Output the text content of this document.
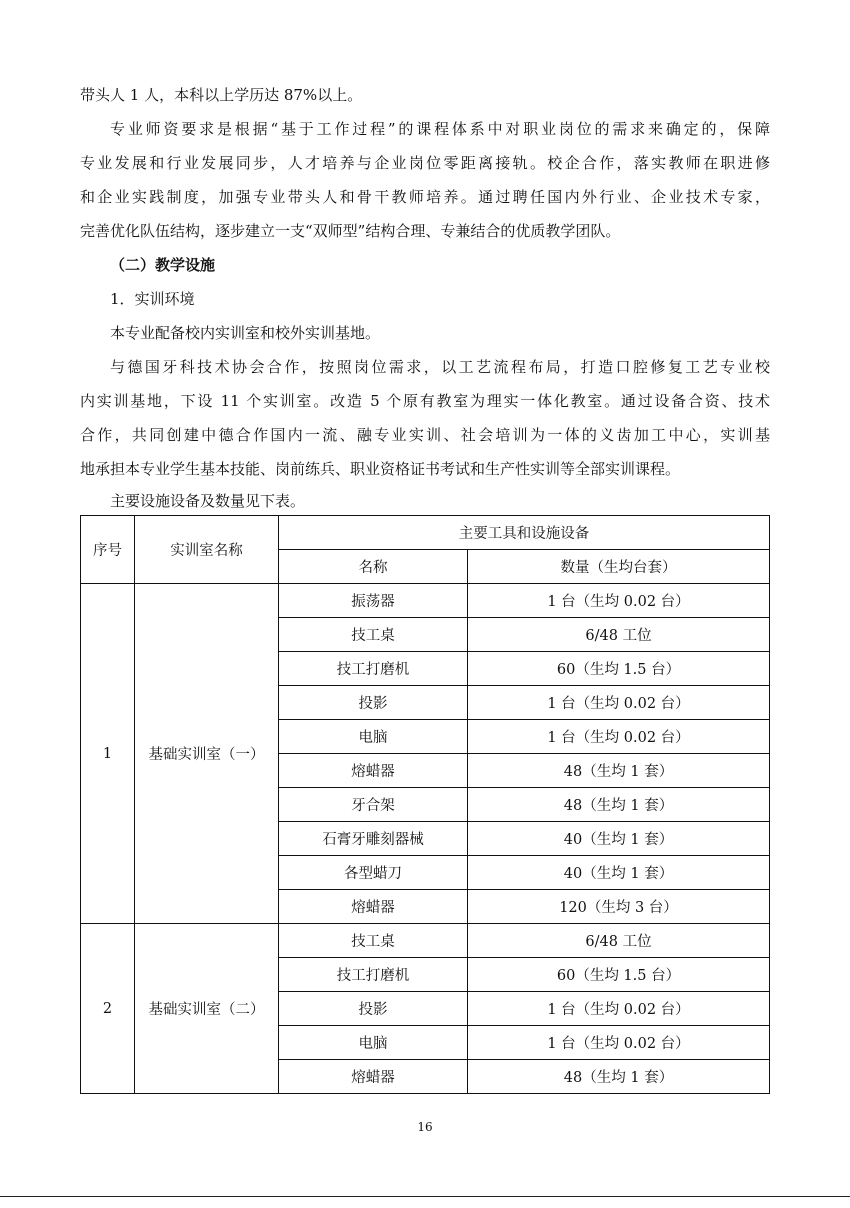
带头人 1 人，本科以上学历达 87%以上。
专业师资要求是根据“基于工作过程”的课程体系中对职业岗位的需求来确定的，保障
专业发展和行业发展同步，人才培养与企业岗位零距离接轨。校企合作，落实教师在职进修
和企业实践制度，加强专业带头人和骨干教师培养。通过聘任国内外行业、企业技术专家，
完善优化队伍结构，逐步建立一支“双师型”结构合理、专兼结合的优质教学团队。
（二）教学设施
1．实训环境
本专业配备校内实训室和校外实训基地。
与德国牙科技术协会合作，按照岗位需求，以工艺流程布局，打造口腔修复工艺专业校
内实训基地，下设 11 个实训室。改造 5 个原有教室为理实一体化教室。通过设备合资、技术
合作，共同创建中德合作国内一流、融专业实训、社会培训为一体的义齿加工中心，实训基
地承担本专业学生基本技能、岗前练兵、职业资格证书考试和生产性实训等全部实训课程。
主要设施设备及数量见下表。
序号	实训室名称	主要工具和设施设备	
		名称	数量（生均台套）
1	基础实训室（一）	振荡器	1 台（生均 0.02 台）
		技工桌	6/48 工位
		技工打磨机	60（生均 1.5 台）
		投影	1 台（生均 0.02 台）
		电脑	1 台（生均 0.02 台）
		熔蜡器	48（生均 1 套）
		牙合架	48（生均 1 套）
		石膏牙雕刻器械	40（生均 1 套）
		各型蜡刀	40（生均 1 套）
		熔蜡器	120（生均 3 台）
2	基础实训室（二）	技工桌	6/48 工位
		技工打磨机	60（生均 1.5 台）
		投影	1 台（生均 0.02 台）
		电脑	1 台（生均 0.02 台）
		熔蜡器	48（生均 1 套）
16
